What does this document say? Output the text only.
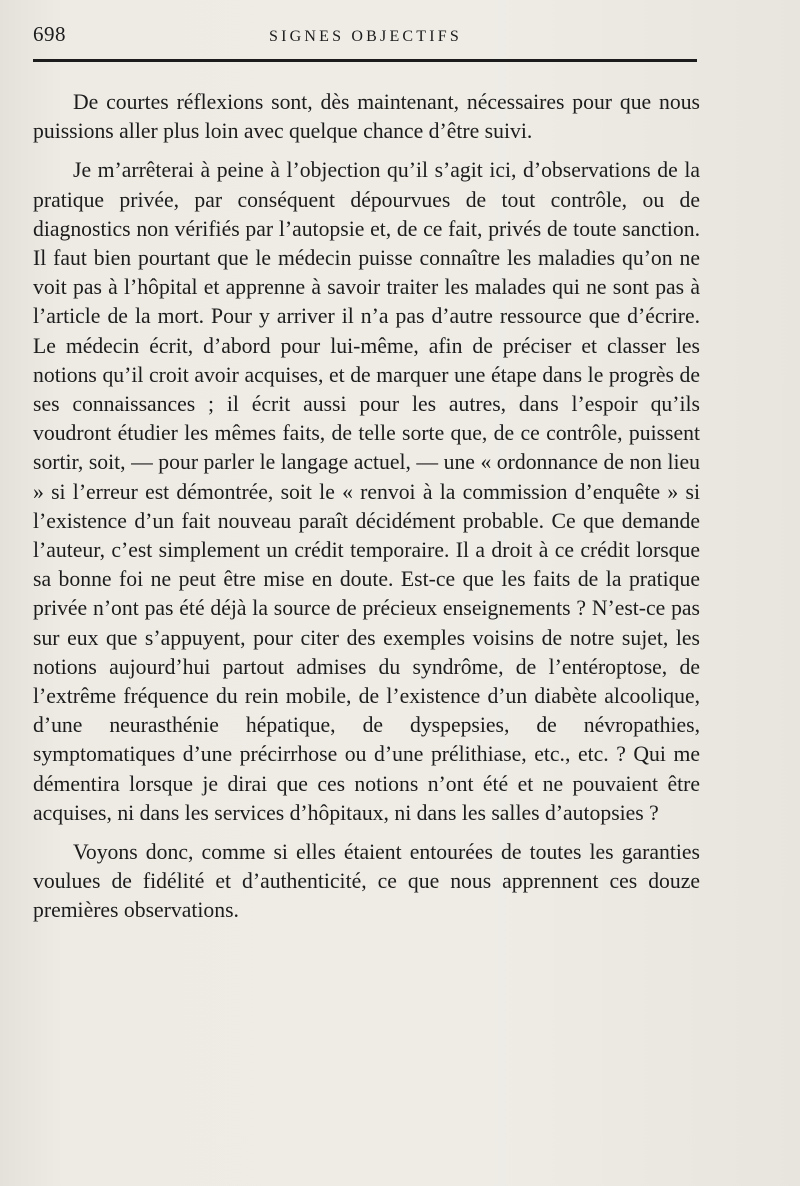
698	SIGNES OBJECTIFS

De courtes réflexions sont, dès maintenant, nécessaires pour que nous puissions aller plus loin avec quelque chance d’être suivi.

Je m’arrêterai à peine à l’objection qu’il s’agit ici, d’observations de la pratique privée, par conséquent dépourvues de tout contrôle, ou de diagnostics non vérifiés par l’autopsie et, de ce fait, privés de toute sanction. Il faut bien pourtant que le médecin puisse connaître les maladies qu’on ne voit pas à l’hôpital et apprenne à savoir traiter les malades qui ne sont pas à l’article de la mort. Pour y arriver il n’a pas d’autre ressource que d’écrire. Le médecin écrit, d’abord pour lui-même, afin de préciser et classer les notions qu’il croit avoir acquises, et de marquer une étape dans le progrès de ses connaissances ; il écrit aussi pour les autres, dans l’espoir qu’ils voudront étudier les mêmes faits, de telle sorte que, de ce contrôle, puissent sortir, soit, — pour parler le langage actuel, — une « ordonnance de non lieu » si l’erreur est démontrée, soit le « renvoi à la commission d’enquête » si l’existence d’un fait nouveau paraît décidément probable. Ce que demande l’auteur, c’est simplement un crédit temporaire. Il a droit à ce crédit lorsque sa bonne foi ne peut être mise en doute. Est-ce que les faits de la pratique privée n’ont pas été déjà la source de précieux enseignements ? N’est-ce pas sur eux que s’appuyent, pour citer des exemples voisins de notre sujet, les notions aujourd’hui partout admises du syndrôme, de l’entéroptose, de l’extrême fréquence du rein mobile, de l’existence d’un diabète alcoolique, d’une neurasthénie hépatique, de dyspepsies, de névropathies, symptomatiques d’une précirrhose ou d’une prélithiase, etc., etc. ? Qui me démentira lorsque je dirai que ces notions n’ont été et ne pouvaient être acquises, ni dans les services d’hôpitaux, ni dans les salles d’autopsies ?

Voyons donc, comme si elles étaient entourées de toutes les garanties voulues de fidélité et d’authenticité, ce que nous apprennent ces douze premières observations.
